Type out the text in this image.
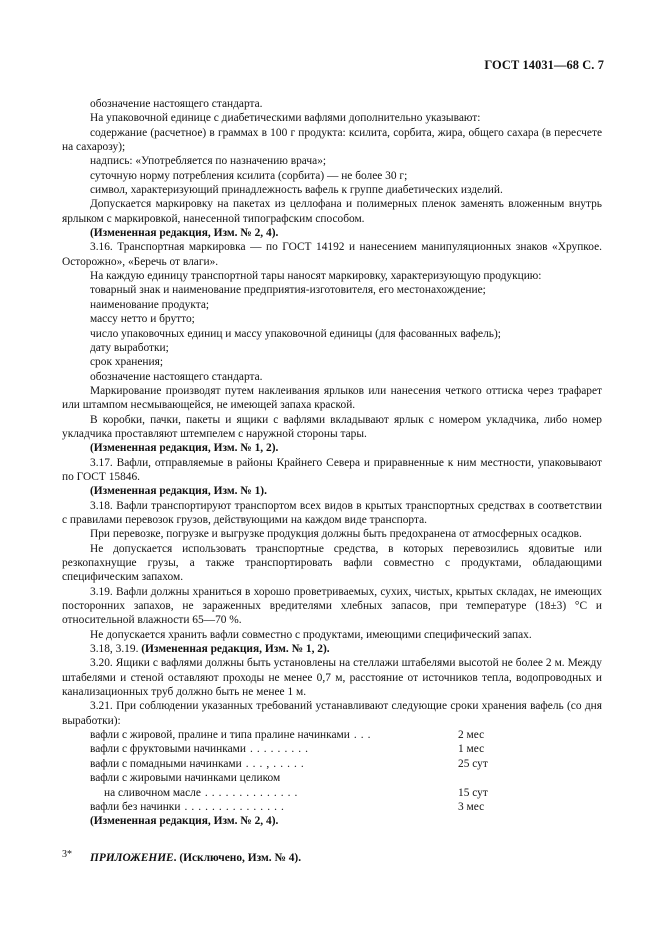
ГОСТ 14031—68 С. 7

обозначение настоящего стандарта.

На упаковочной единице с диабетическими вафлями дополнительно указывают:

содержание (расчетное) в граммах в 100 г продукта: ксилита, сорбита, жира, общего сахара (в пересчете на сахарозу);

надпись: «Употребляется по назначению врача»;

суточную норму потребления ксилита (сорбита) — не более 30 г;

символ, характеризующий принадлежность вафель к группе диабетических изделий.

Допускается маркировку на пакетах из целлофана и полимерных пленок заменять вложенным внутрь ярлыком с маркировкой, нанесенной типографским способом.

(Измененная редакция, Изм. № 2, 4).

3.16. Транспортная маркировка — по ГОСТ 14192 и нанесением манипуляционных знаков «Хрупкое. Осторожно», «Беречь от влаги».

На каждую единицу транспортной тары наносят маркировку, характеризующую продукцию:

товарный знак и наименование предприятия-изготовителя, его местонахождение;

наименование продукта;

массу нетто и брутто;

число упаковочных единиц и массу упаковочной единицы (для фасованных вафель);

дату выработки;

срок хранения;

обозначение настоящего стандарта.

Маркирование производят путем наклеивания ярлыков или нанесения четкого оттиска через трафарет или штампом несмывающейся, не имеющей запаха краской.

В коробки, пачки, пакеты и ящики с вафлями вкладывают ярлык с номером укладчика, либо номер укладчика проставляют штемпелем с наружной стороны тары.

(Измененная редакция, Изм. № 1, 2).

3.17. Вафли, отправляемые в районы Крайнего Севера и приравненные к ним местности, упаковывают по ГОСТ 15846.

(Измененная редакция, Изм. № 1).

3.18. Вафли транспортируют транспортом всех видов в крытых транспортных средствах в соответствии с правилами перевозок грузов, действующими на каждом виде транспорта.

При перевозке, погрузке и выгрузке продукция должны быть предохранена от атмосферных осадков.

Не допускается использовать транспортные средства, в которых перевозились ядовитые или резкопахнущие грузы, а также транспортировать вафли совместно с продуктами, обладающими специфическим запахом.

3.19. Вафли должны храниться в хорошо проветриваемых, сухих, чистых, крытых складах, не имеющих посторонних запахов, не зараженных вредителями хлебных запасов, при температуре (18±3) °С и относительной влажности 65—70 %.

Не допускается хранить вафли совместно с продуктами, имеющими специфический запах.

3.18, 3.19. (Измененная редакция, Изм. № 1, 2).

3.20. Ящики с вафлями должны быть установлены на стеллажи штабелями высотой не более 2 м. Между штабелями и стеной оставляют проходы не менее 0,7 м, расстояние от источников тепла, водопроводных и канализационных труб должно быть не менее 1 м.

3.21. При соблюдении указанных требований устанавливают следующие сроки хранения вафель (со дня выработки):

вафли с жировой, пралине и типа пралине начинками . . .	2 мес
вафли с фруктовыми начинками . . . . . . . . .	1 мес
вафли с помадными начинками . . . , . . . . .	25 сут
вафли с жировыми начинками целиком
на сливочном масле . . . . . . . . . . . . . .	15 сут
вафли без начинки . . . . . . . . . . . . . . .	3 мес

(Измененная редакция, Изм. № 2, 4).

ПРИЛОЖЕНИЕ. (Исключено, Изм. № 4).

3*
